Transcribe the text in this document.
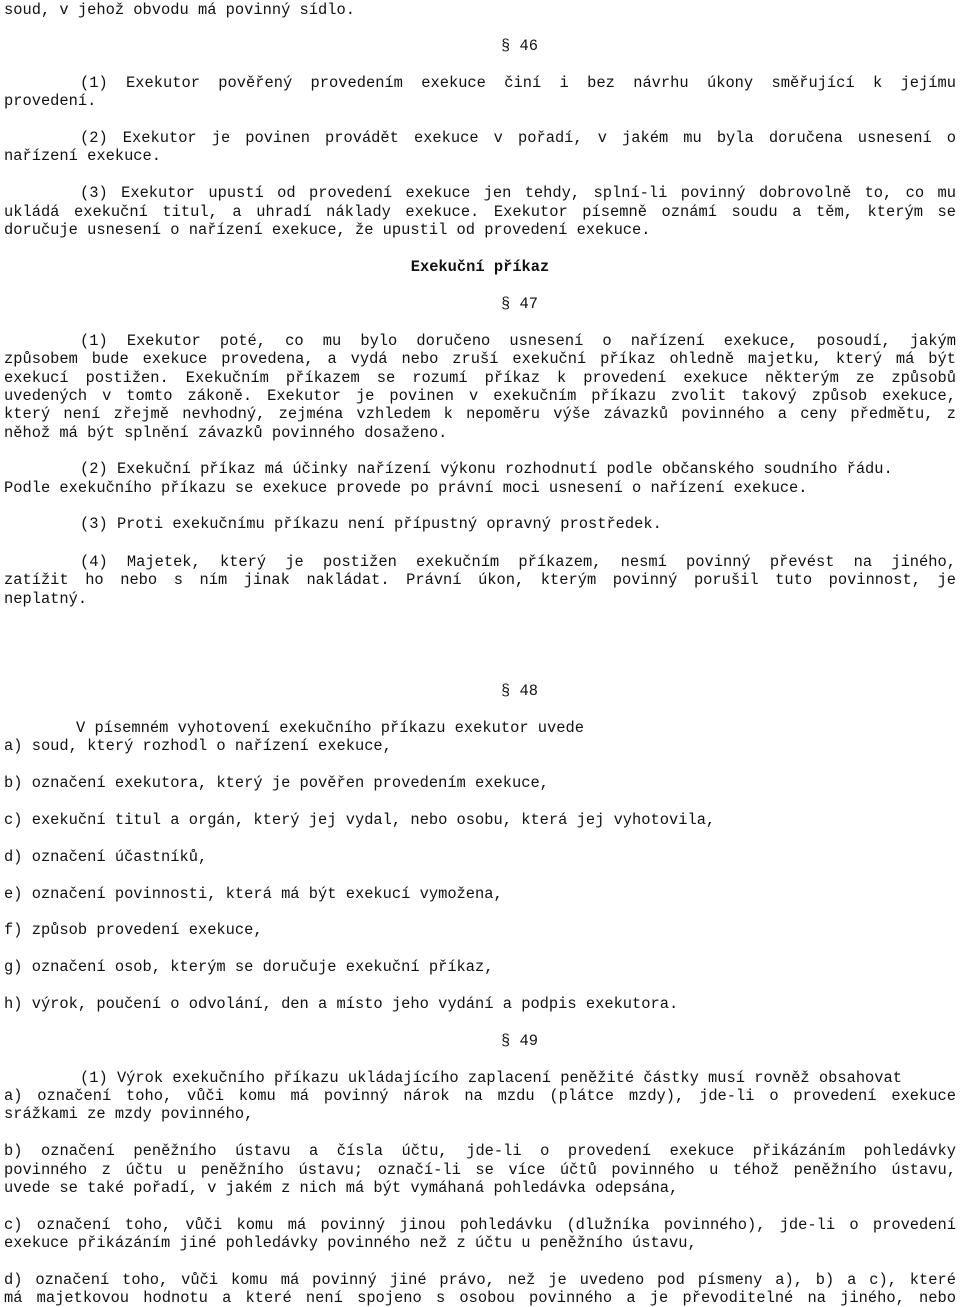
soud, v jehož obvodu má povinný sídlo.
§ 46
(1) Exekutor pověřený provedením exekuce činí i bez návrhu úkony směřující k jejímu
provedení.
(2) Exekutor je povinen provádět exekuce v pořadí, v jakém mu byla doručena usnesení o
nařízení exekuce.
(3) Exekutor upustí od provedení exekuce jen tehdy, splní-li povinný dobrovolně to, co mu
ukládá exekuční titul, a uhradí náklady exekuce. Exekutor písemně oznámí soudu a těm, kterým se
doručuje usnesení o nařízení exekuce, že upustil od provedení exekuce.
Exekuční příkaz
§ 47
(1) Exekutor poté, co mu bylo doručeno usnesení o nařízení exekuce, posoudí, jakým
způsobem bude exekuce provedena, a vydá nebo zruší exekuční příkaz ohledně majetku, který má být
exekucí postižen. Exekučním příkazem se rozumí příkaz k provedení exekuce některým ze způsobů
uvedených v tomto zákoně. Exekutor je povinen v exekučním příkazu zvolit takový způsob exekuce,
který není zřejmě nevhodný, zejména vzhledem k nepoměru výše závazků povinného a ceny předmětu, z
něhož má být splnění závazků povinného dosaženo.
(2) Exekuční příkaz má účinky nařízení výkonu rozhodnutí podle občanského soudního řádu.
Podle exekučního příkazu se exekuce provede po právní moci usnesení o nařízení exekuce.
(3) Proti exekučnímu příkazu není přípustný opravný prostředek.
(4) Majetek, který je postižen exekučním příkazem, nesmí povinný převést na jiného,
zatížit ho nebo s ním jinak nakládat. Právní úkon, kterým povinný porušil tuto povinnost, je
neplatný.
§ 48
V písemném vyhotovení exekučního příkazu exekutor uvede
a) soud, který rozhodl o nařízení exekuce,
b) označení exekutora, který je pověřen provedením exekuce,
c) exekuční titul a orgán, který jej vydal, nebo osobu, která jej vyhotovila,
d) označení účastníků,
e) označení povinnosti, která má být exekucí vymožena,
f) způsob provedení exekuce,
g) označení osob, kterým se doručuje exekuční příkaz,
h) výrok, poučení o odvolání, den a místo jeho vydání a podpis exekutora.
§ 49
(1) Výrok exekučního příkazu ukládajícího zaplacení peněžité částky musí rovněž obsahovat
a) označení toho, vůči komu má povinný nárok na mzdu (plátce mzdy), jde-li o provedení exekuce
srážkami ze mzdy povinného,
b) označení peněžního ústavu a čísla účtu, jde-li o provedení exekuce přikázáním pohledávky
povinného z účtu u peněžního ústavu; označí-li se více účtů povinného u téhož peněžního ústavu,
uvede se také pořadí, v jakém z nich má být vymáhaná pohledávka odepsána,
c) označení toho, vůči komu má povinný jinou pohledávku (dlužníka povinného), jde-li o provedení
exekuce přikázáním jiné pohledávky povinného než z účtu u peněžního ústavu,
d) označení toho, vůči komu má povinný jiné právo, než je uvedeno pod písmeny a), b) a c), které
má majetkovou hodnotu a které není spojeno s osobou povinného a je převoditelné na jiného, nebo
